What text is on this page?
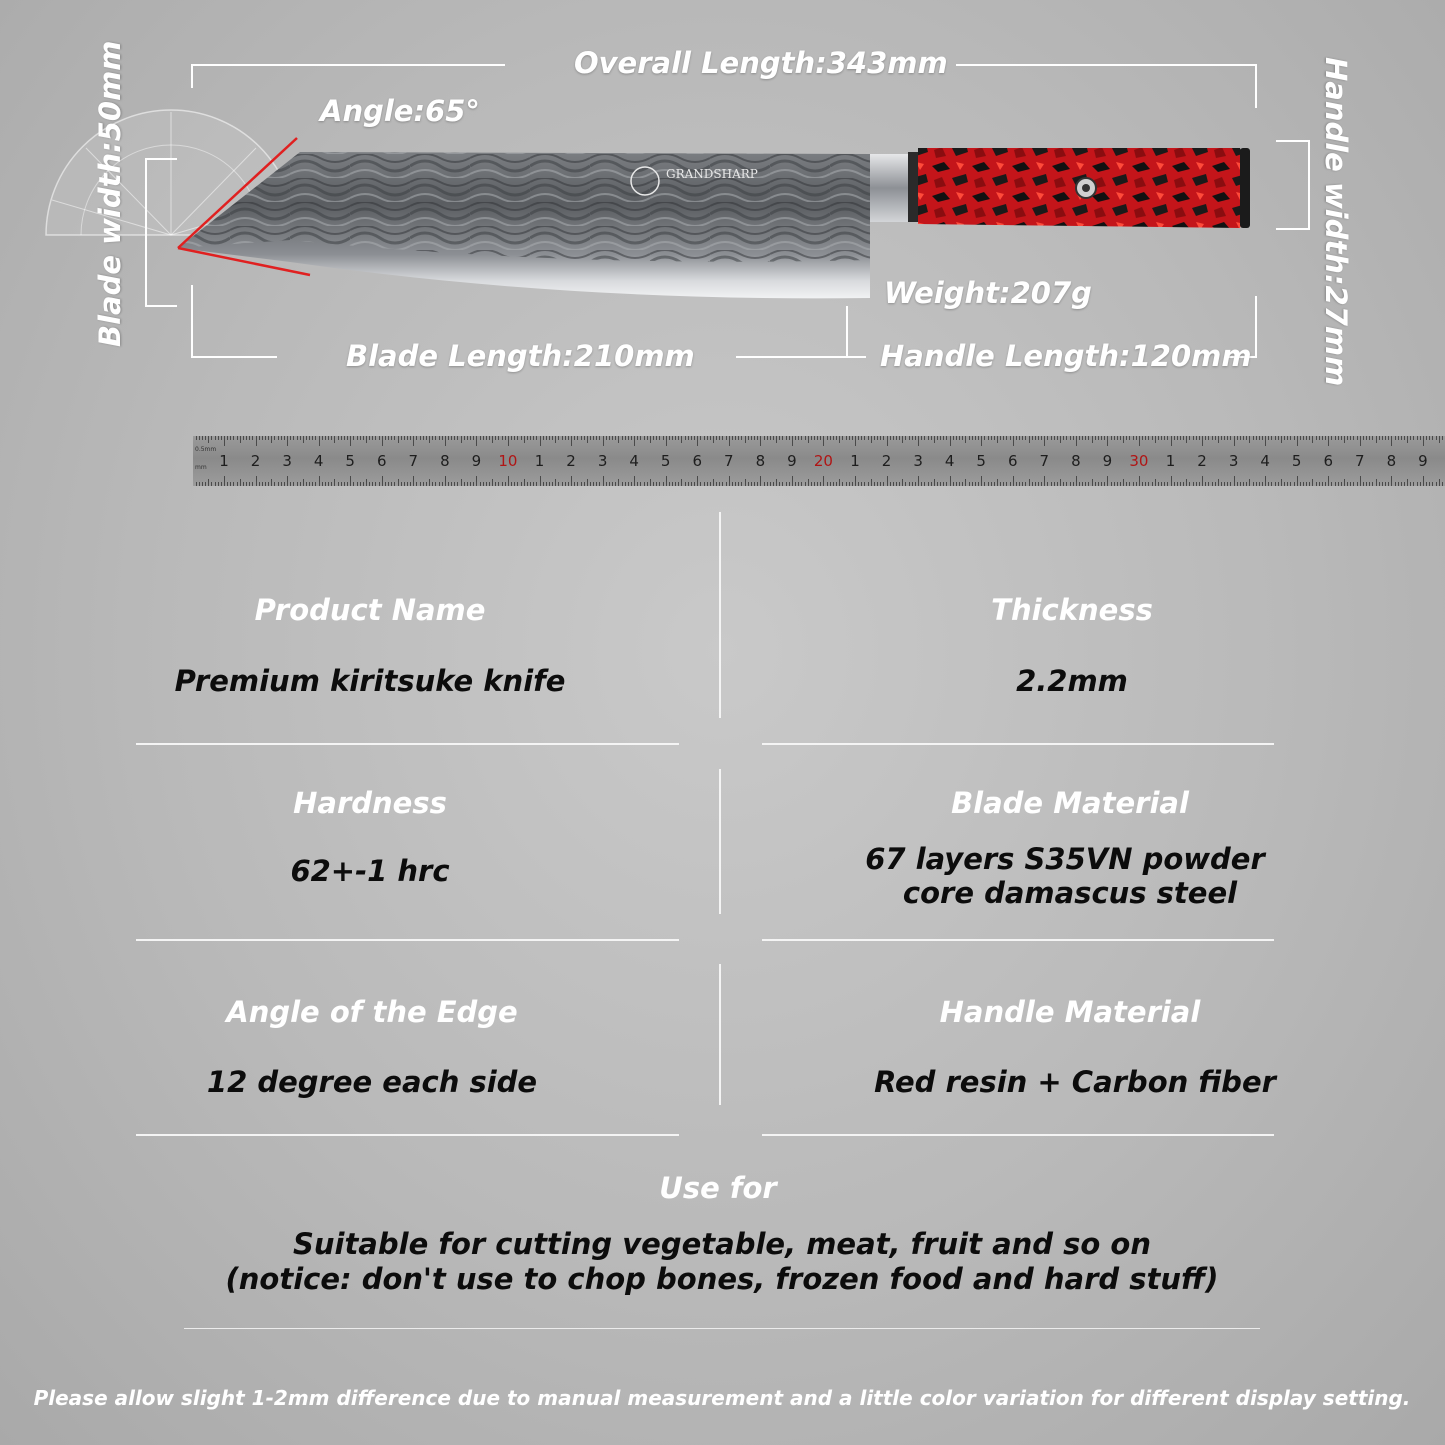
Overall Length:343mm
Angle:65°	Handle width:27mm
Weight:207g
Blade Length:210mm	Handle Length:120mm
GRANDSHARP
0.5mm
mm 1 2 3 4 5 6 7 8 9 10 1 2 3 4 5 6 7 8 9 20 1 2 3 4 5 6 7 8 9 30 1 2 3 4 5 6 7 8 9
Product Name
Premium kiritsuke knife
Thickness
2.2mm
Hardness
62+-1 hrc
Blade Material
67 layers S35VN powder
core damascus steel
Angle of the Edge
12 degree each side
Handle Material
Red resin + Carbon fiber
Use for
Suitable for cutting vegetable, meat, fruit and so on
(notice: don't use to chop bones, frozen food and hard stuff)
Please allow slight 1-2mm difference due to manual measurement and a little color variation for different display setting.
